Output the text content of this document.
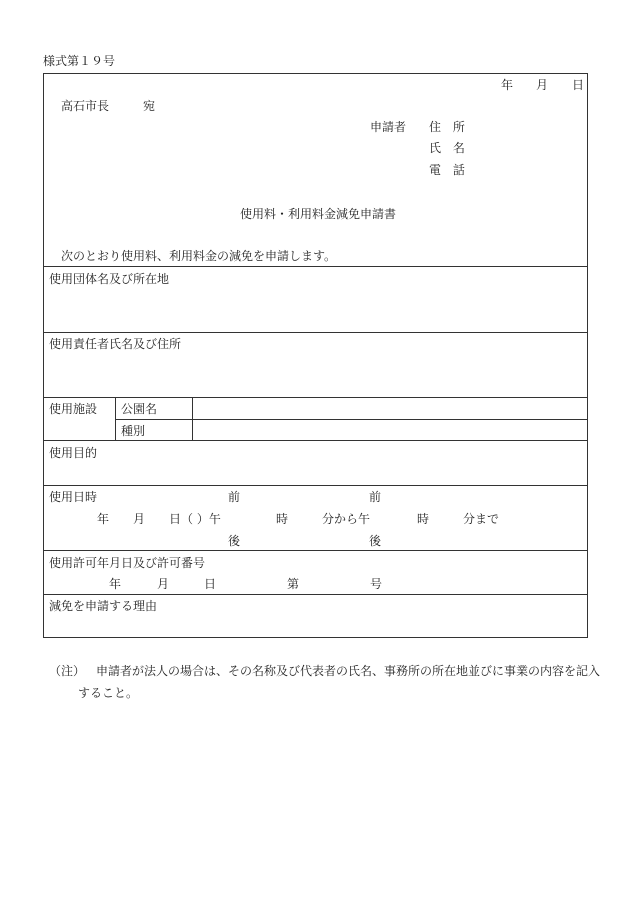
様式第１９号
年 月 日
高石市長	宛
申請者 住 所
氏 名
電 話
使用料・利用料金減免申請書
次のとおり使用料、利用料金の減免を申請します。
使用団体名及び所在地
使用責任者氏名及び住所
使用施設 公園名
種別
使用目的
使用日時	前	前
年 月 日（ ）午	時	分から午	時	分まで
後	後
使用許可年月日及び許可番号
年	月	日	第	号
減免を申請する理由
（注） 申請者が法人の場合は、その名称及び代表者の氏名、事務所の所在地並びに事業の内容を記入
すること。
